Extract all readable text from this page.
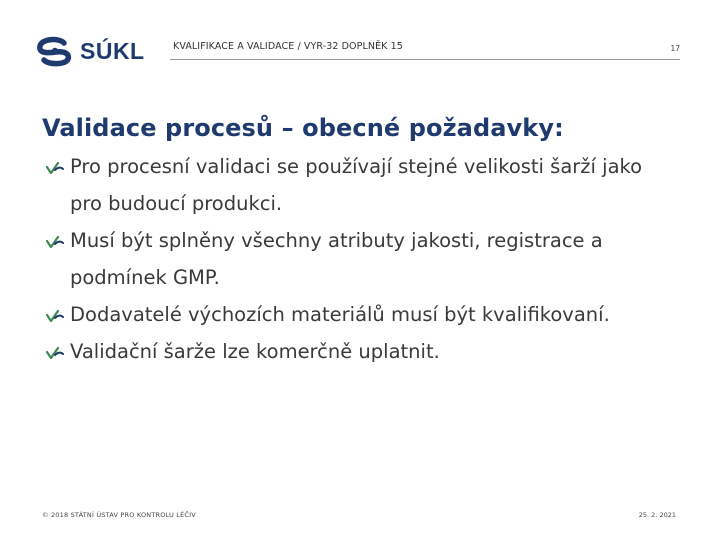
SÚKL	KVALIFIKACE A VALIDACE / VYR-32 DOPLNĚK 15	17
Validace procesů – obecné požadavky:
Pro procesní validaci se používají stejné velikosti šarží jako pro budoucí produkci.
Musí být splněny všechny atributy jakosti, registrace a podmínek GMP.
Dodavatelé výchozích materiálů musí být kvalifikovaní.
Validační šarže lze komerčně uplatnit.
© 2018 STÁTNÍ ÚSTAV PRO KONTROLU LÉČIV	25. 2. 2021
